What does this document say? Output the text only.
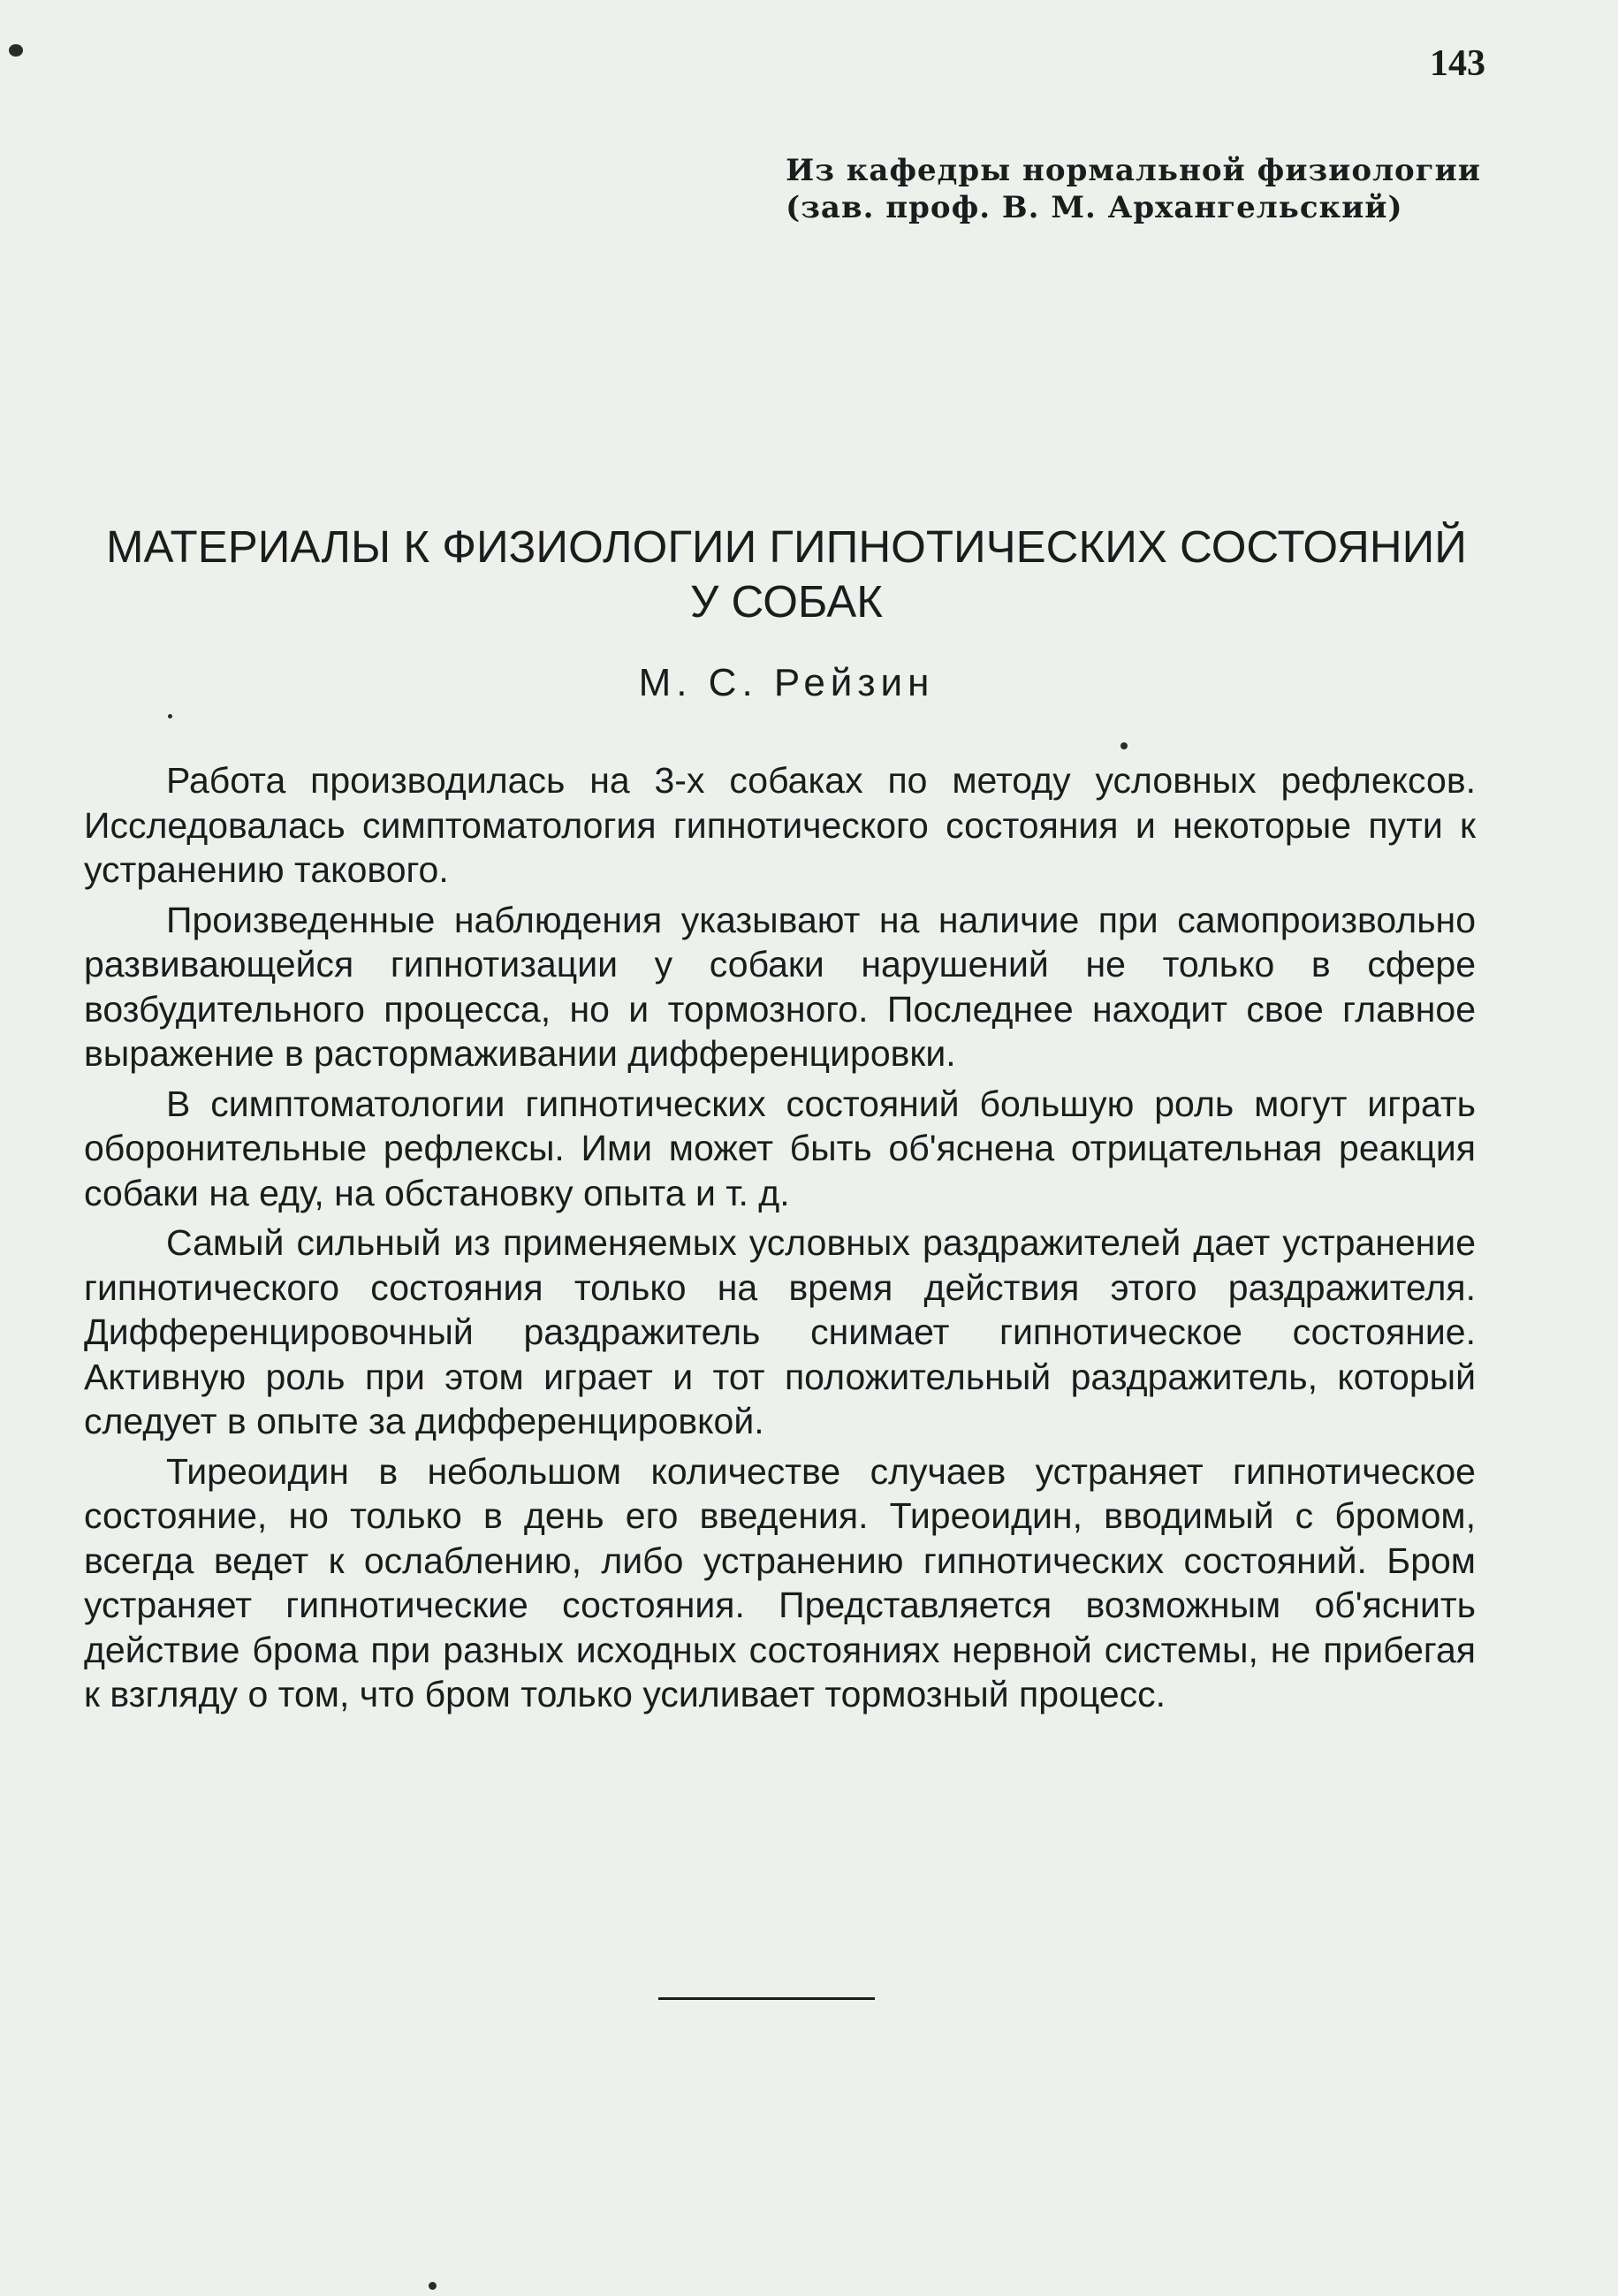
143
Из кафедры нормальной физиологии
(зав. проф. В. М. Архангельский)
МАТЕРИАЛЫ К ФИЗИОЛОГИИ ГИПНОТИЧЕСКИХ СОСТОЯНИЙ
У СОБАК
М. С. Рейзин

Работа производилась на 3-х собаках по методу условных рефлексов. Исследовалась симптоматология гипнотического состояния и некоторые пути к устранению такового.

Произведенные наблюдения указывают на наличие при самопроизвольно развивающейся гипнотизации у собаки нарушений не только в сфере возбудительного процесса, но и тормозного. Последнее находит свое главное выражение в растормаживании дифференцировки.

В симптоматологии гипнотических состояний большую роль могут играть оборонительные рефлексы. Ими может быть об'яснена отрицательная реакция собаки на еду, на обстановку опыта и т. д.

Самый сильный из применяемых условных раздражителей дает устранение гипнотического состояния только на время действия этого раздражителя. Дифференцировочный раздражитель снимает гипнотическое состояние. Активную роль при этом играет и тот положительный раздражитель, который следует в опыте за дифференцировкой.

Тиреоидин в небольшом количестве случаев устраняет гипнотическое состояние, но только в день его введения. Тиреоидин, вводимый с бромом, всегда ведет к ослаблению, либо устранению гипнотических состояний. Бром устраняет гипнотические состояния. Представляется возможным об'яснить действие брома при разных исходных состояниях нервной системы, не прибегая к взгляду о том, что бром только усиливает тормозный процесс.
